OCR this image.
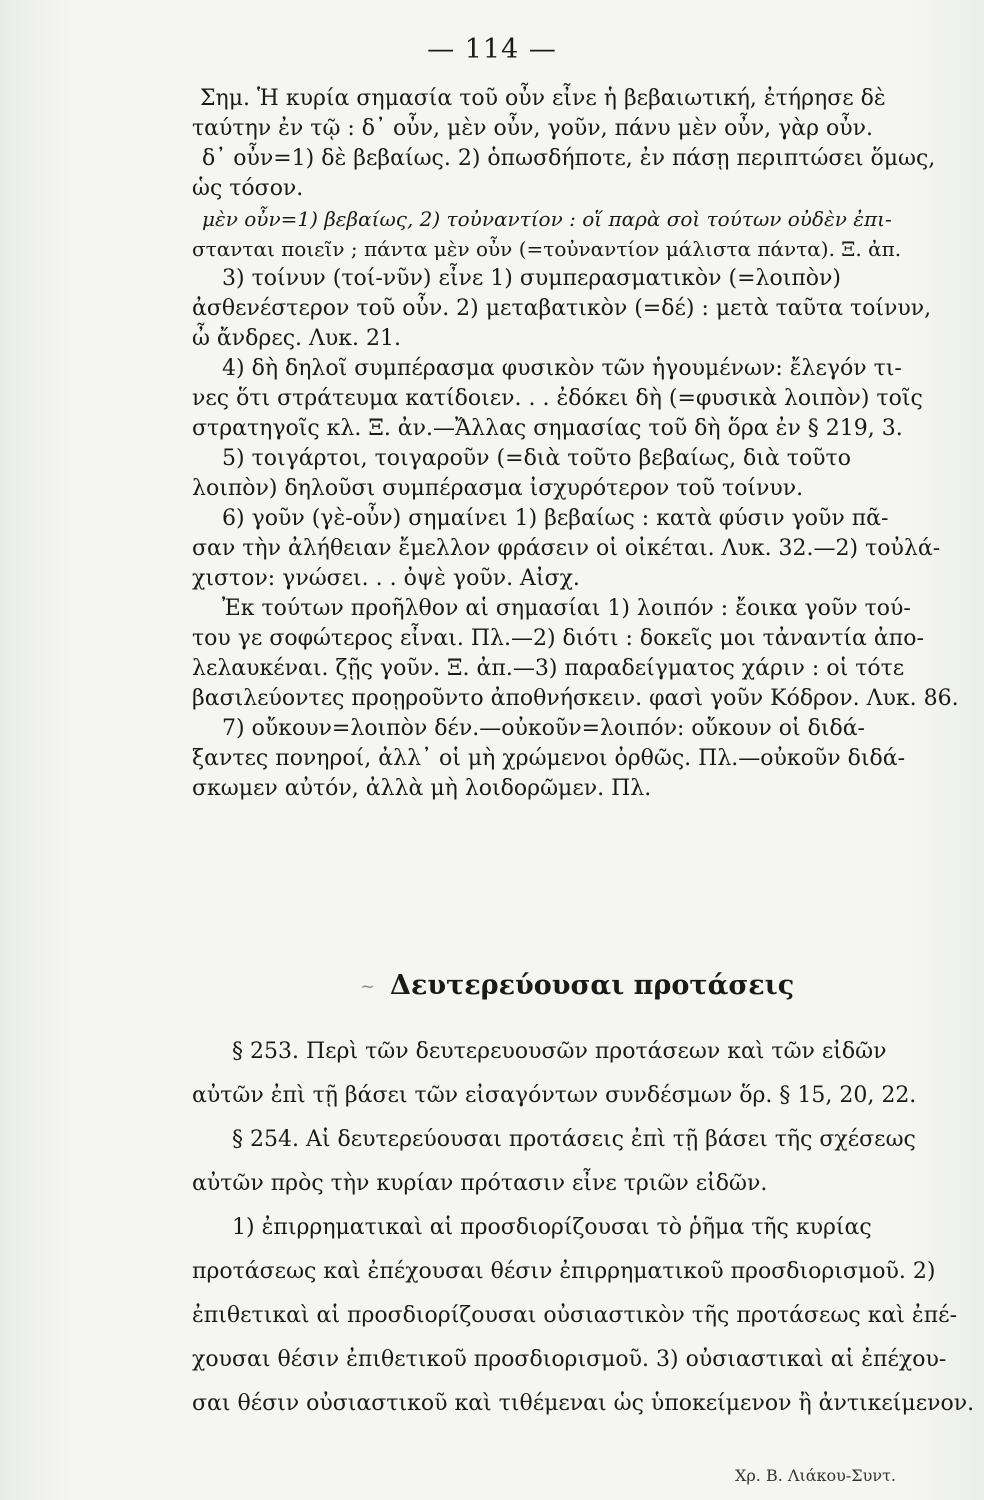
— 114 —
Σημ. Ἡ κυρία σημασία τοῦ οὖν εἶνε ἡ βεβαιωτική, ἐτήρησε δὲ
ταύτην ἐν τῷ : δ᾽ οὖν, μὲν οὖν, γοῦν, πάνυ μὲν οὖν, γὰρ οὖν.
δ᾽ οὖν=1) δὲ βεβαίως. 2) ὁπωσδήποτε, ἐν πάσῃ περιπτώσει ὅμως,
ὡς τόσον.
μὲν οὖν=1) βεβαίως, 2) τοὐναντίον : οἵ παρὰ σοὶ τούτων οὐδὲν ἐπι-
στανται ποιεῖν ; πάντα μὲν οὖν (=τοὐναντίον μάλιστα πάντα). Ξ. ἀπ.
3) τοίνυν (τοί-νῦν) εἶνε 1) συμπερασματικὸν (=λοιπὸν)
ἀσθενέστερον τοῦ οὖν. 2) μεταβατικὸν (=δέ) : μετὰ ταῦτα τοίνυν,
ὦ ἄνδρες. Λυκ. 21.
4) δὴ δηλοῖ συμπέρασμα φυσικὸν τῶν ἡγουμένων: ἔλεγόν τι-
νες ὅτι στράτευμα κατίδοιεν. . . ἐδόκει δὴ (=φυσικὰ λοιπὸν) τοῖς
στρατηγοῖς κλ. Ξ. ἀν.—Ἄλλας σημασίας τοῦ δὴ ὅρα ἐν § 219, 3.
5) τοιγάρτοι, τοιγαροῦν (=διὰ τοῦτο βεβαίως, διὰ τοῦτο
λοιπὸν) δηλοῦσι συμπέρασμα ἰσχυρότερον τοῦ τοίνυν.
6) γοῦν (γὲ-οὖν) σημαίνει 1) βεβαίως : κατὰ φύσιν γοῦν πᾶ-
σαν τὴν ἀλήθειαν ἔμελλον φράσειν οἱ οἰκέται. Λυκ. 32.—2) τοὐλά-
χιστον: γνώσει. . . ὀψὲ γοῦν. Αἰσχ.
Ἐκ τούτων προῆλθον αἱ σημασίαι 1) λοιπόν : ἔοικα γοῦν τού-
του γε σοφώτερος εἶναι. Πλ.—2) διότι : δοκεῖς μοι τἀναντία ἀπο-
λελαυκέναι. ζῇς γοῦν. Ξ. ἀπ.—3) παραδείγματος χάριν : οἱ τότε
βασιλεύοντες προῃροῦντο ἀποθνήσκειν. φασὶ γοῦν Κόδρον. Λυκ. 86.
7) οὔκουν=λοιπὸν δέν.—οὐκοῦν=λοιπόν: οὔκουν οἱ διδά-
ξαντες πονηροί, ἀλλ᾽ οἱ μὴ χρώμενοι ὀρθῶς. Πλ.—οὐκοῦν διδά-
σκωμεν αὐτόν, ἀλλὰ μὴ λοιδορῶμεν. Πλ.
~ Δευτερεύουσαι προτάσεις
§ 253. Περὶ τῶν δευτερευουσῶν προτάσεων καὶ τῶν εἰδῶν
αὐτῶν ἐπὶ τῇ βάσει τῶν εἰσαγόντων συνδέσμων ὅρ. § 15, 20, 22.
§ 254. Αἱ δευτερεύουσαι προτάσεις ἐπὶ τῇ βάσει τῆς σχέσεως
αὐτῶν πρὸς τὴν κυρίαν πρότασιν εἶνε τριῶν εἰδῶν.
1) ἐπιρρηματικαὶ αἱ προσδιορίζουσαι τὸ ῥῆμα τῆς κυρίας
προτάσεως καὶ ἐπέχουσαι θέσιν ἐπιρρηματικοῦ προσδιορισμοῦ. 2)
ἐπιθετικαὶ αἱ προσδιορίζουσαι οὐσιαστικὸν τῆς προτάσεως καὶ ἐπέ-
χουσαι θέσιν ἐπιθετικοῦ προσδιορισμοῦ. 3) οὐσιαστικαὶ αἱ ἐπέχου-
σαι θέσιν οὐσιαστικοῦ καὶ τιθέμεναι ὡς ὑποκείμενον ἢ ἀντικείμενον.
Χρ. Β. Λιάκου-Συντ.
